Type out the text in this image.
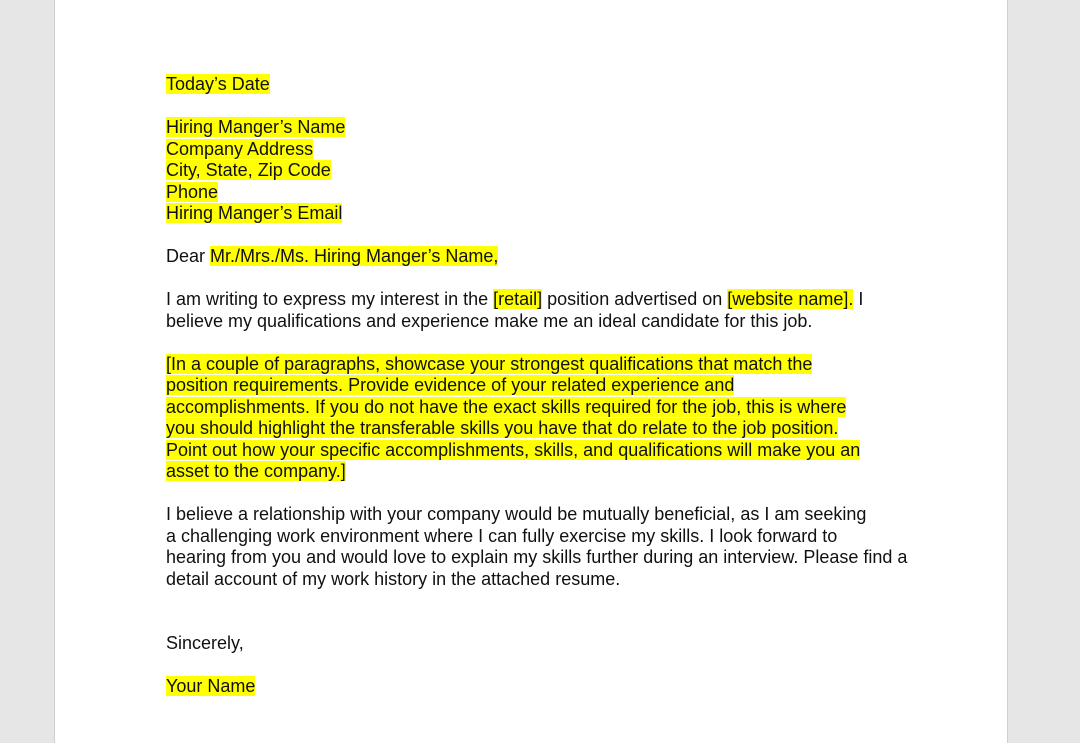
Today’s Date

Hiring Manger’s Name
Company Address
City, State, Zip Code
Phone
Hiring Manger’s Email

Dear Mr./Mrs./Ms. Hiring Manger’s Name,

I am writing to express my interest in the [retail] position advertised on [website name]. I
believe my qualifications and experience make me an ideal candidate for this job.
[In a couple of paragraphs, showcase your strongest qualifications that match the
position requirements. Provide evidence of your related experience and
accomplishments. If you do not have the exact skills required for the job, this is where
you should highlight the transferable skills you have that do relate to the job position.
Point out how your specific accomplishments, skills, and qualifications will make you an
asset to the company.]
I believe a relationship with your company would be mutually beneficial, as I am seeking
a challenging work environment where I can fully exercise my skills. I look forward to
hearing from you and would love to explain my skills further during an interview. Please find a
detail account of my work history in the attached resume.

Sincerely,

Your Name
